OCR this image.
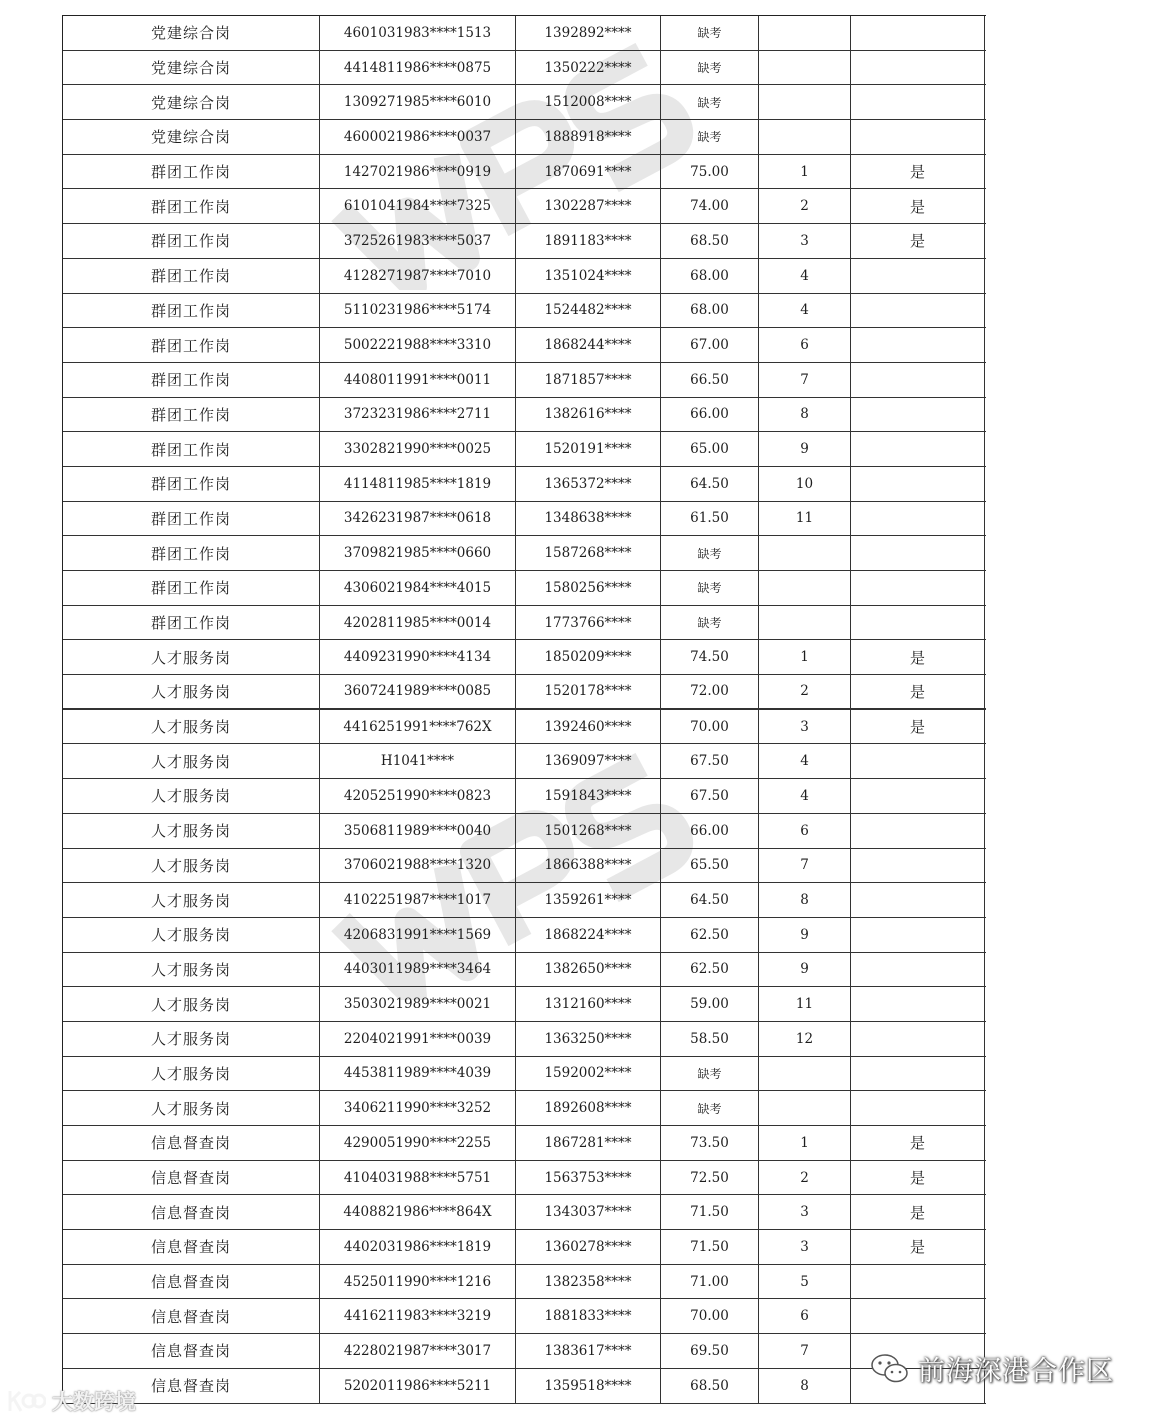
党建综合岗	4601031983****1513	1392892****	缺考
党建综合岗	4414811986****0875	1350222****	缺考
党建综合岗	1309271985****6010	1512008****	缺考
党建综合岗	4600021986****0037	1888918****	缺考
群团工作岗	1427021986****0919	1870691****	75.00	1	是
群团工作岗	6101041984****7325	1302287****	74.00	2	是
群团工作岗	3725261983****5037	1891183****	68.50	3	是
群团工作岗	4128271987****7010	1351024****	68.00	4
群团工作岗	5110231986****5174	1524482****	68.00	4
群团工作岗	5002221988****3310	1868244****	67.00	6
群团工作岗	4408011991****0011	1871857****	66.50	7
群团工作岗	3723231986****2711	1382616****	66.00	8
群团工作岗	3302821990****0025	1520191****	65.00	9
群团工作岗	4114811985****1819	1365372****	64.50	10
群团工作岗	3426231987****0618	1348638****	61.50	11
群团工作岗	3709821985****0660	1587268****	缺考
群团工作岗	4306021984****4015	1580256****	缺考
群团工作岗	4202811985****0014	1773766****	缺考
人才服务岗	4409231990****4134	1850209****	74.50	1	是
人才服务岗	3607241989****0085	1520178****	72.00	2	是
人才服务岗	4416251991****762X	1392460****	70.00	3	是
人才服务岗	H1041****	1369097****	67.50	4
人才服务岗	4205251990****0823	1591843****	67.50	4
人才服务岗	3506811989****0040	1501268****	66.00	6
人才服务岗	3706021988****1320	1866388****	65.50	7
人才服务岗	4102251987****1017	1359261****	64.50	8
人才服务岗	4206831991****1569	1868224****	62.50	9
人才服务岗	4403011989****3464	1382650****	62.50	9
人才服务岗	3503021989****0021	1312160****	59.00	11
人才服务岗	2204021991****0039	1363250****	58.50	12
人才服务岗	4453811989****4039	1592002****	缺考
人才服务岗	3406211990****3252	1892608****	缺考
信息督查岗	4290051990****2255	1867281****	73.50	1	是
信息督查岗	4104031988****5751	1563753****	72.50	2	是
信息督查岗	4408821986****864X	1343037****	71.50	3	是
信息督查岗	4402031986****1819	1360278****	71.50	3	是
信息督查岗	4525011990****1216	1382358****	71.00	5
信息督查岗	4416211983****3219	1881833****	70.00	6
信息督查岗	4228021987****3017	1383617****	69.50	7
信息督查岗	5202011986****5211	1359518****	68.50	8
大数跨境
前海深港合作区
